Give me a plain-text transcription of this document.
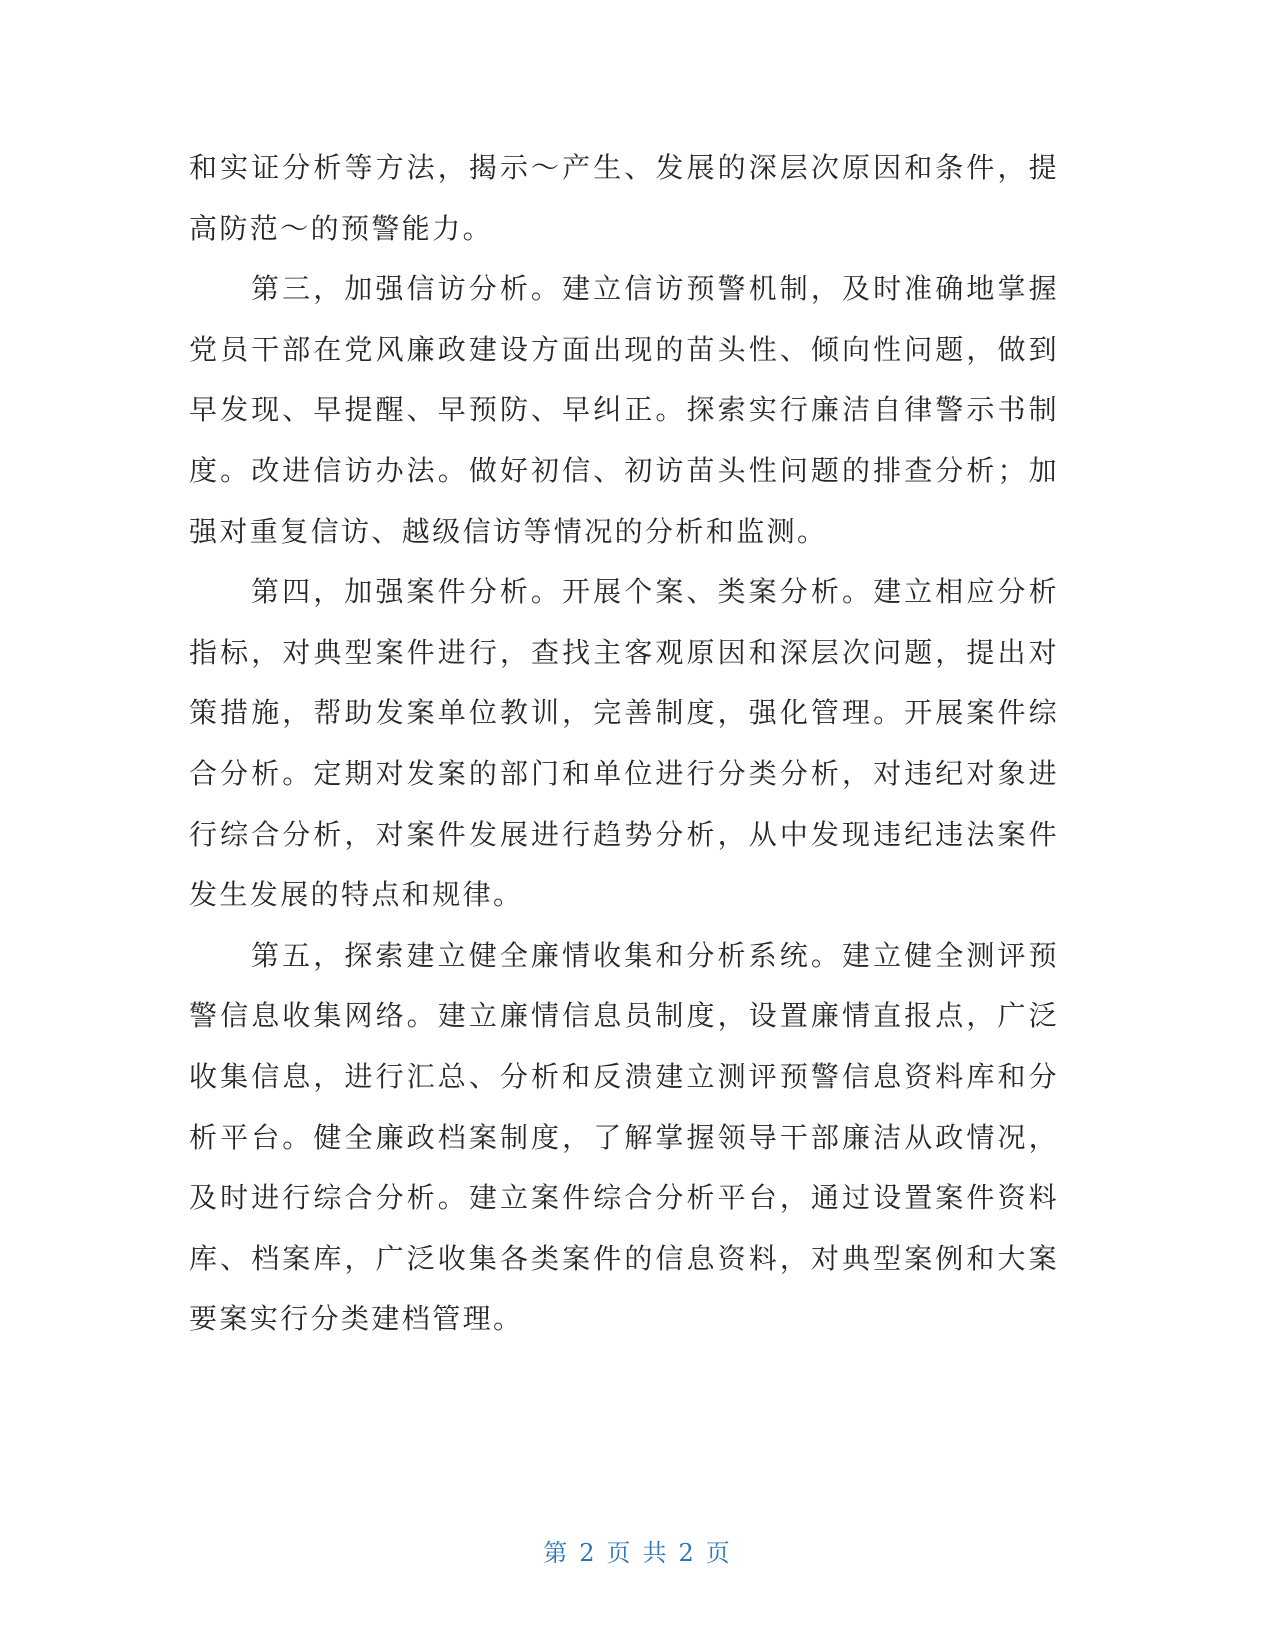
和实证分析等方法，揭示～产生、发展的深层次原因和条件，提高防范～的预警能力。

第三，加强信访分析。建立信访预警机制，及时准确地掌握党员干部在党风廉政建设方面出现的苗头性、倾向性问题，做到早发现、早提醒、早预防、早纠正。探索实行廉洁自律警示书制度。改进信访办法。做好初信、初访苗头性问题的排查分析；加强对重复信访、越级信访等情况的分析和监测。

第四，加强案件分析。开展个案、类案分析。建立相应分析指标，对典型案件进行，查找主客观原因和深层次问题，提出对策措施，帮助发案单位教训，完善制度，强化管理。开展案件综合分析。定期对发案的部门和单位进行分类分析，对违纪对象进行综合分析，对案件发展进行趋势分析，从中发现违纪违法案件发生发展的特点和规律。

第五，探索建立健全廉情收集和分析系统。建立健全测评预警信息收集网络。建立廉情信息员制度，设置廉情直报点，广泛收集信息，进行汇总、分析和反溃建立测评预警信息资料库和分析平台。健全廉政档案制度，了解掌握领导干部廉洁从政情况，及时进行综合分析。建立案件综合分析平台，通过设置案件资料库、档案库，广泛收集各类案件的信息资料，对典型案例和大案要案实行分类建档管理。

第 2 页 共 2 页
